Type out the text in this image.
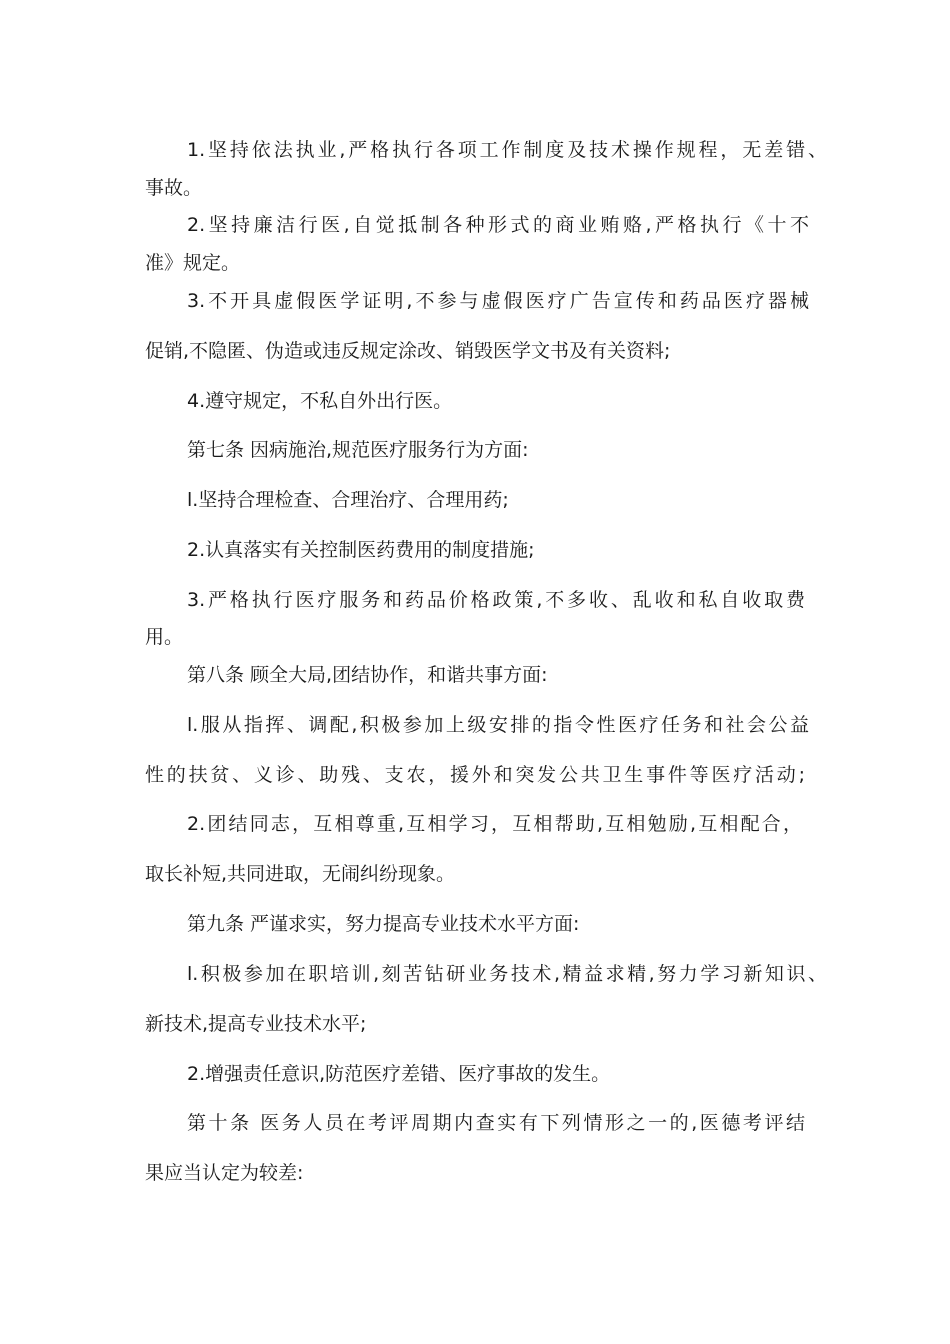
1.坚持依法执业,严格执行各项工作制度及技术操作规程，无差错、
事故。
2.坚持廉洁行医,自觉抵制各种形式的商业贿赂,严格执行《十不
准》规定。
3.不开具虚假医学证明,不参与虚假医疗广告宣传和药品医疗器械
促销,不隐匿、伪造或违反规定涂改、销毁医学文书及有关资料;
4.遵守规定，不私自外出行医。
第七条 因病施治,规范医疗服务行为方面:
l.坚持合理检查、合理治疗、合理用药;
2.认真落实有关控制医药费用的制度措施;
3.严格执行医疗服务和药品价格政策,不多收、乱收和私自收取费
用。
第八条 顾全大局,团结协作，和谐共事方面:
l.服从指挥、调配,积极参加上级安排的指令性医疗任务和社会公益
性的扶贫、义诊、助残、支农，援外和突发公共卫生事件等医疗活动;
2.团结同志，互相尊重,互相学习，互相帮助,互相勉励,互相配合，
取长补短,共同进取，无闹纠纷现象。
第九条 严谨求实，努力提高专业技术水平方面:
l.积极参加在职培训,刻苦钻研业务技术,精益求精,努力学习新知识、
新技术,提高专业技术水平;
2.增强责任意识,防范医疗差错、医疗事故的发生。
第十条 医务人员在考评周期内查实有下列情形之一的,医德考评结
果应当认定为较差:
